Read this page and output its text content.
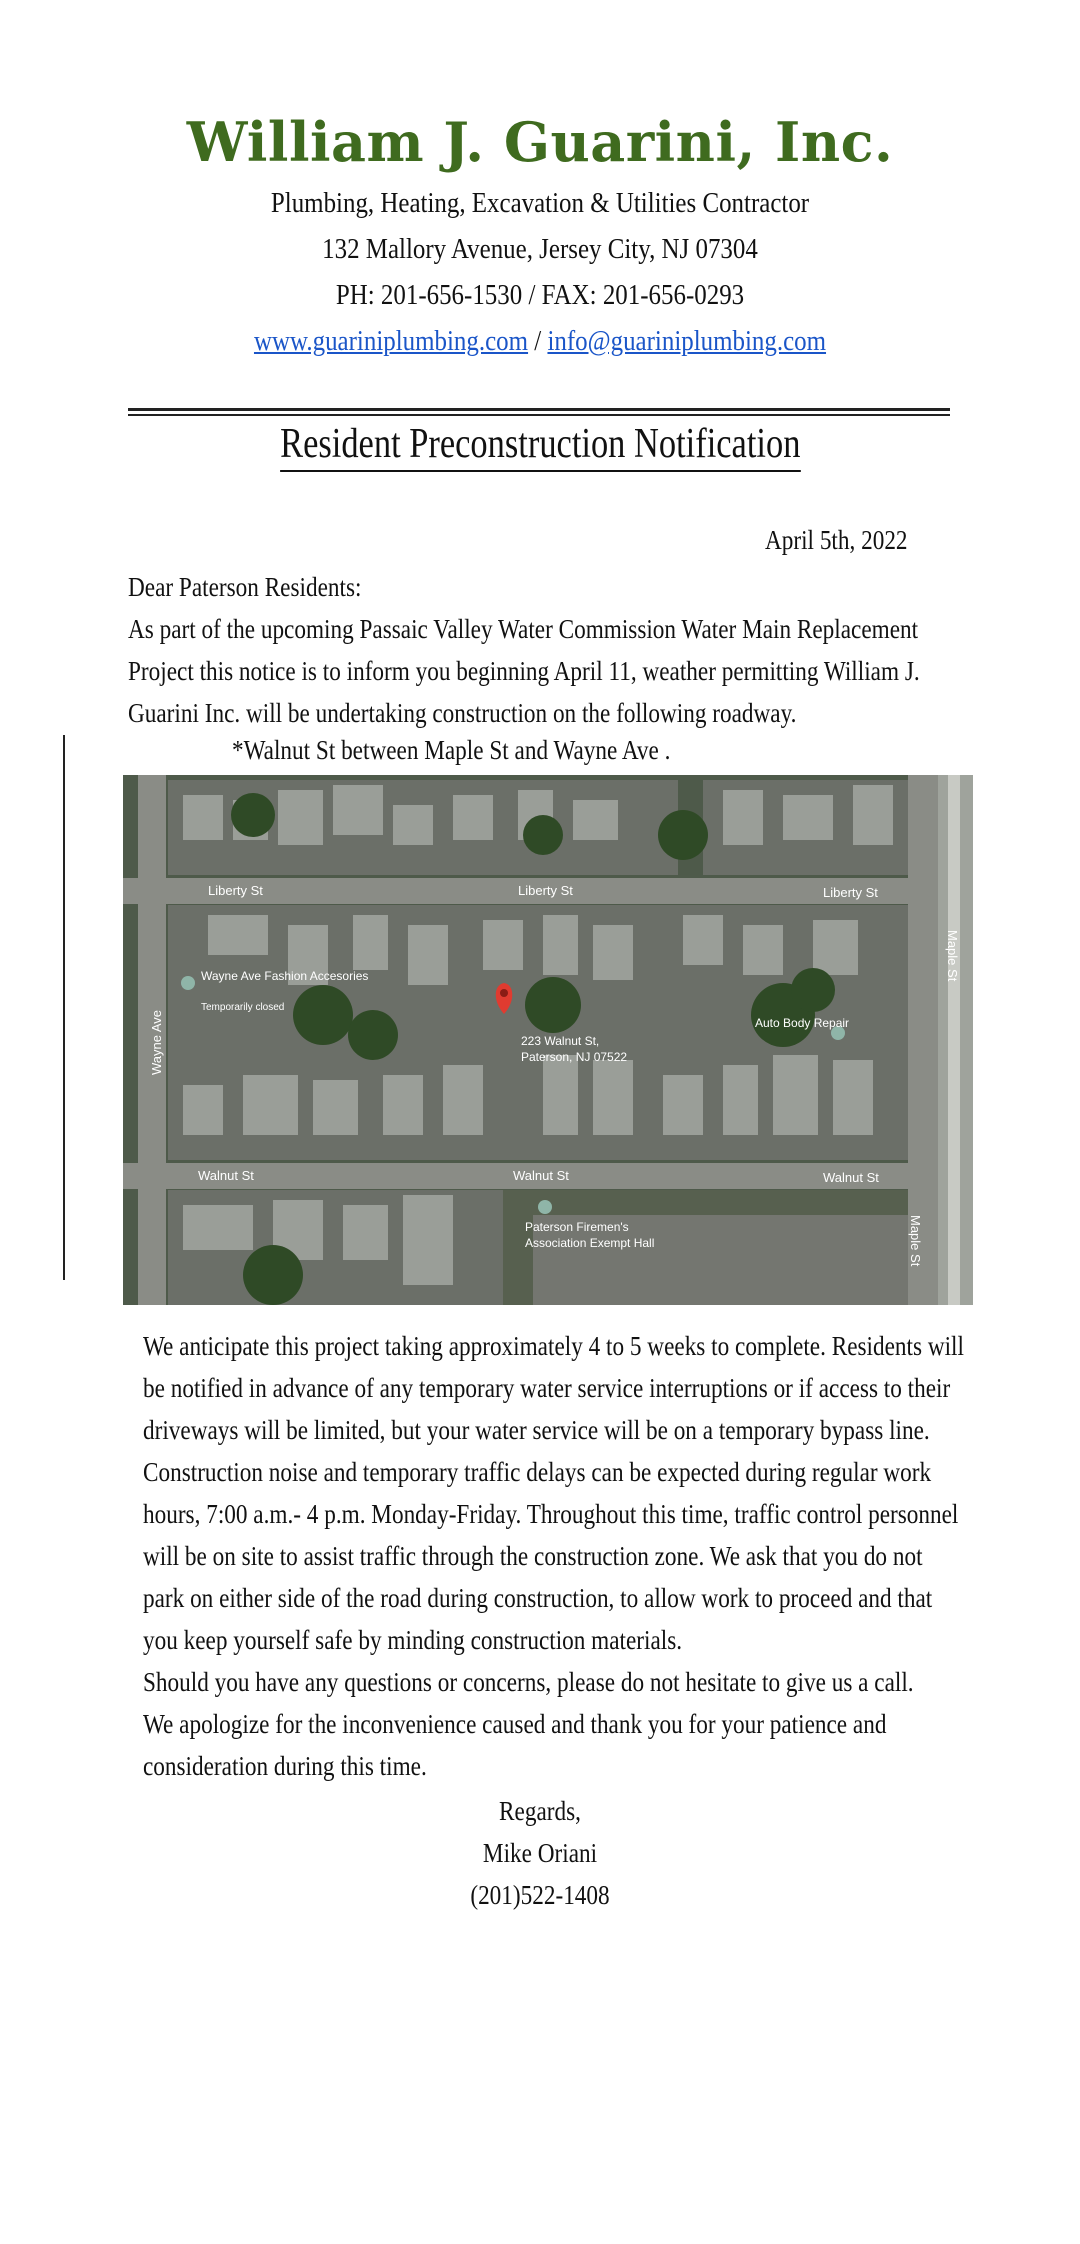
William J. Guarini, Inc.
Plumbing, Heating, Excavation & Utilities Contractor
132 Mallory Avenue, Jersey City, NJ 07304
PH: 201-656-1530 / FAX: 201-656-0293
www.guariniplumbing.com / info@guariniplumbing.com
Resident Preconstruction Notification
April 5th, 2022
Dear Paterson Residents:
As part of the upcoming Passaic Valley Water Commission Water Main Replacement
Project this notice is to inform you beginning April 11, weather permitting William J.
Guarini Inc. will be undertaking construction on the following roadway.
*Walnut St between Maple St and Wayne Ave .
Liberty St	Liberty St	Liberty St
Walnut St	Walnut St	Walnut St
Wayne Ave
Maple St
Maple St
Wayne Ave Fashion Accesories
Temporarily closed
223 Walnut St,
Paterson, NJ 07522
Auto Body Repair
Paterson Firemen's
Association Exempt Hall
We anticipate this project taking approximately 4 to 5 weeks to complete. Residents will
be notified in advance of any temporary water service interruptions or if access to their
driveways will be limited, but your water service will be on a temporary bypass line.
Construction noise and temporary traffic delays can be expected during regular work
hours, 7:00 a.m.- 4 p.m. Monday-Friday. Throughout this time, traffic control personnel
will be on site to assist traffic through the construction zone. We ask that you do not
park on either side of the road during construction, to allow work to proceed and that
you keep yourself safe by minding construction materials.
Should you have any questions or concerns, please do not hesitate to give us a call.
We apologize for the inconvenience caused and thank you for your patience and
consideration during this time.
Regards,
Mike Oriani
(201)522-1408
